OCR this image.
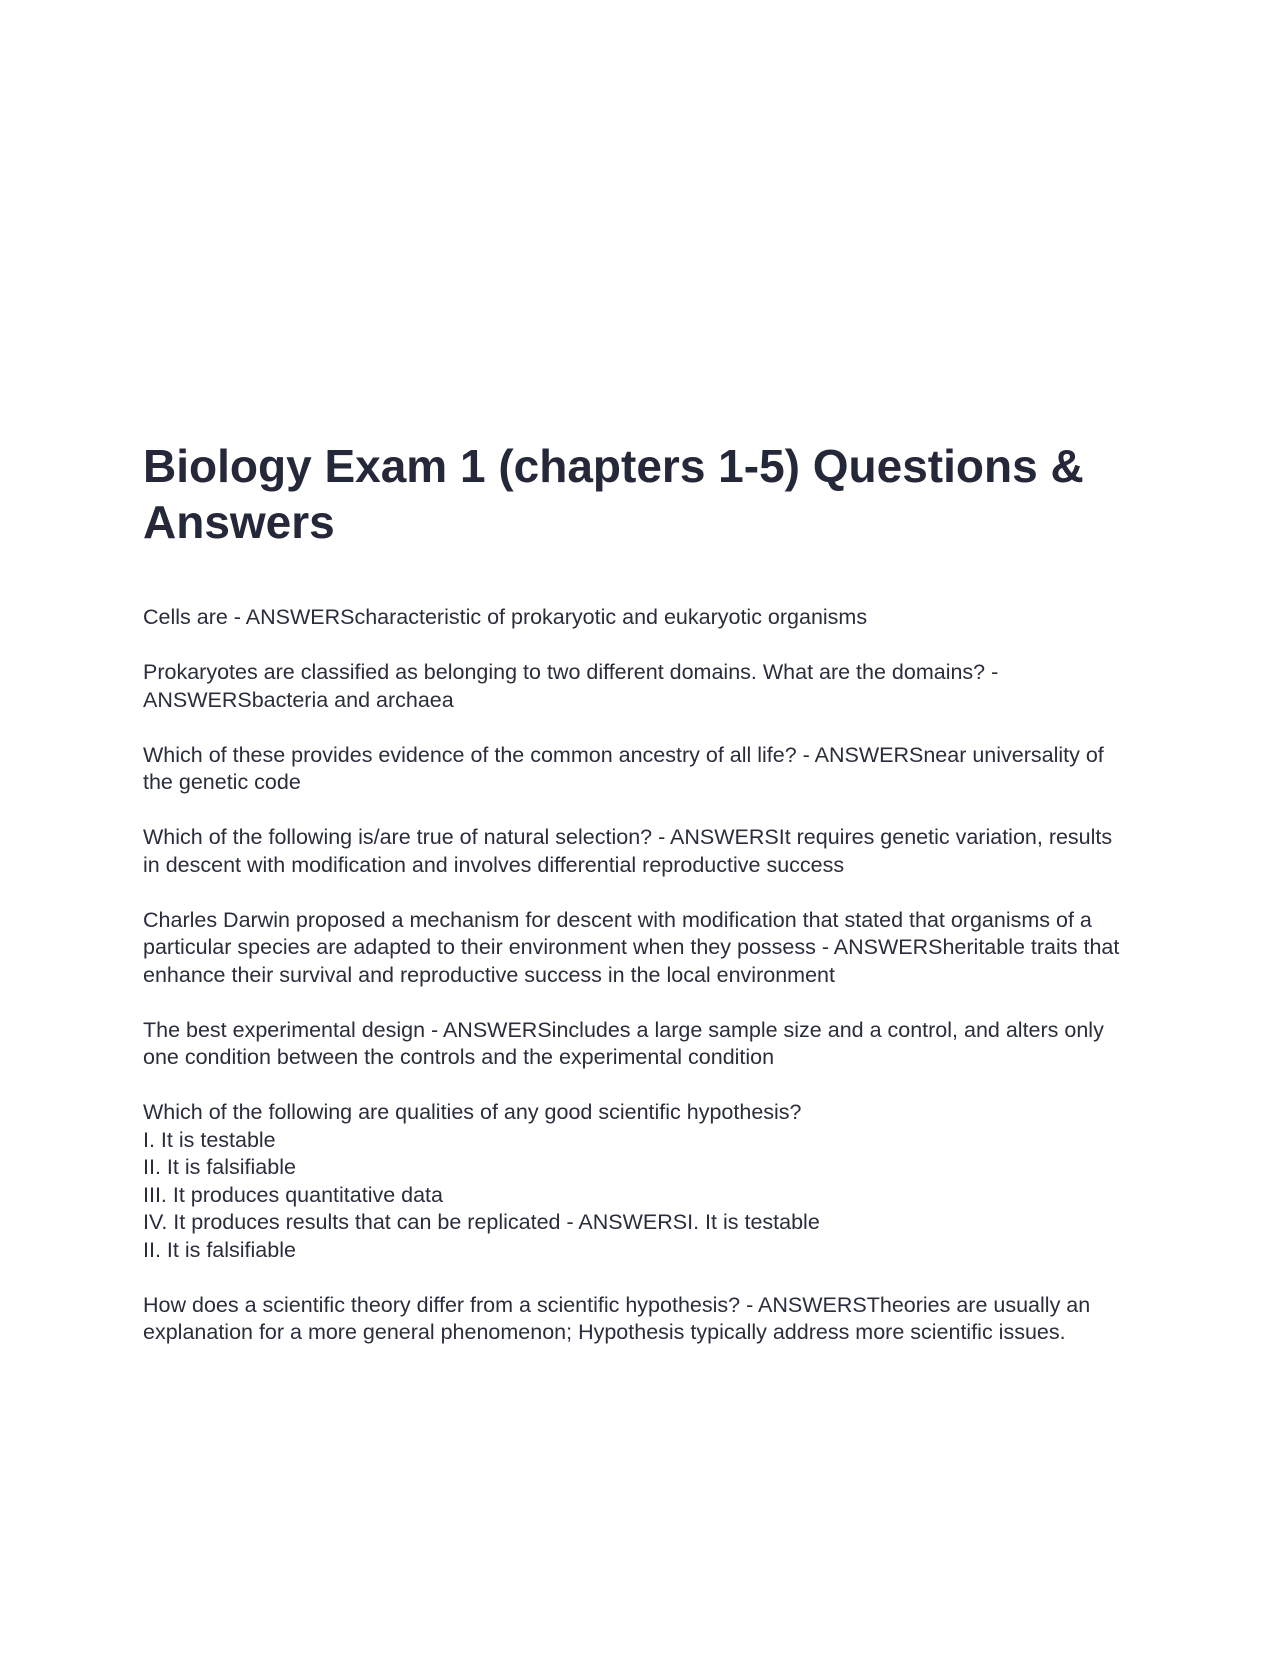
Biology Exam 1 (chapters 1-5) Questions & Answers

Cells are - ANSWERScharacteristic of prokaryotic and eukaryotic organisms

Prokaryotes are classified as belonging to two different domains. What are the domains? - ANSWERSbacteria and archaea

Which of these provides evidence of the common ancestry of all life? - ANSWERSnear universality of the genetic code

Which of the following is/are true of natural selection? - ANSWERSIt requires genetic variation, results in descent with modification and involves differential reproductive success

Charles Darwin proposed a mechanism for descent with modification that stated that organisms of a particular species are adapted to their environment when they possess - ANSWERSheritable traits that enhance their survival and reproductive success in the local environment

The best experimental design - ANSWERSincludes a large sample size and a control, and alters only one condition between the controls and the experimental condition

Which of the following are qualities of any good scientific hypothesis?
I. It is testable
II. It is falsifiable
III. It produces quantitative data
IV. It produces results that can be replicated - ANSWERSI. It is testable
II. It is falsifiable

How does a scientific theory differ from a scientific hypothesis? - ANSWERSTheories are usually an explanation for a more general phenomenon; Hypothesis typically address more scientific issues.
